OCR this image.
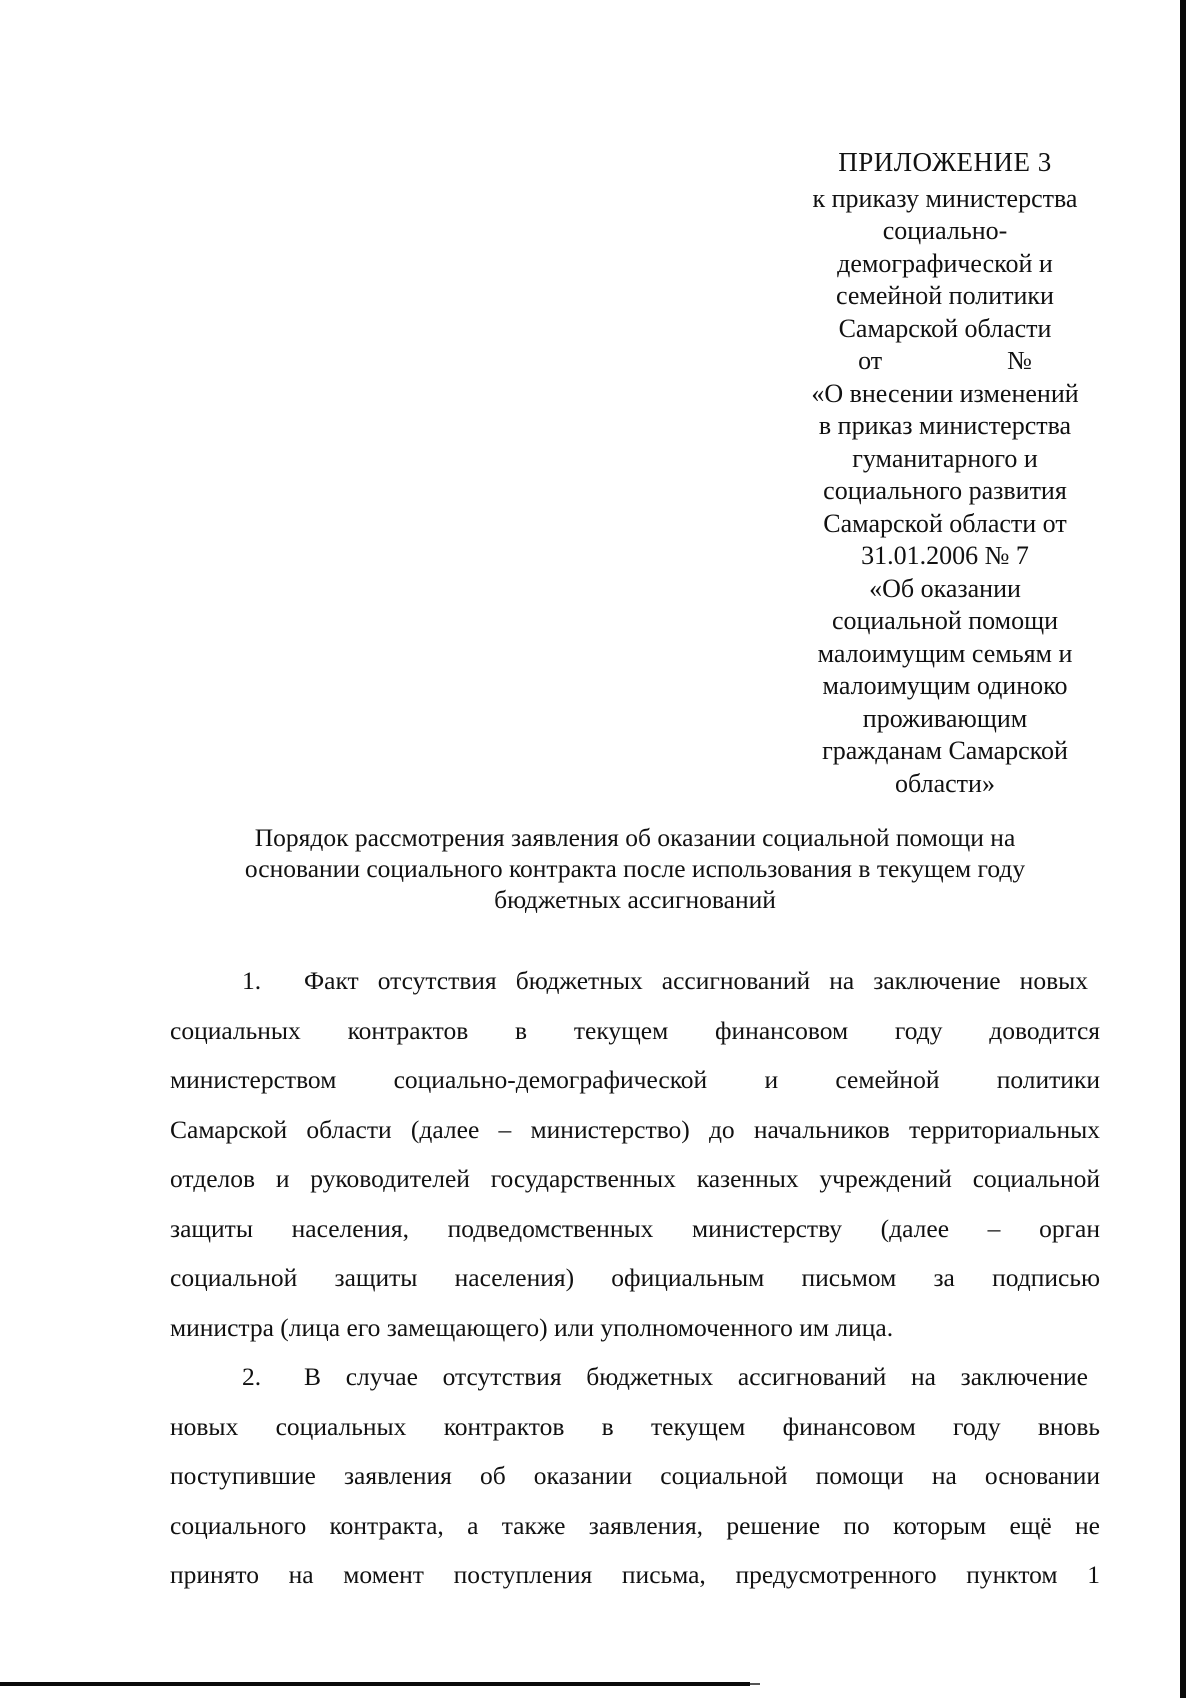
ПРИЛОЖЕНИЕ 3
к приказу министерства
социально-
демографической и
семейной политики
Самарской области
от	№
«О внесении изменений
в приказ министерства
гуманитарного и
социального развития
Самарской области от
31.01.2006 № 7
«Об оказании
социальной помощи
малоимущим семьям и
малоимущим одиноко
проживающим
гражданам Самарской
области»
Порядок рассмотрения заявления об оказании социальной помощи на
основании социального контракта после использования в текущем году
бюджетных ассигнований
1. Факт отсутствия бюджетных ассигнований на заключение новых
социальных контрактов в текущем финансовом году доводится
министерством социально-демографической и семейной политики
Самарской области (далее – министерство) до начальников территориальных
отделов и руководителей государственных казенных учреждений социальной
защиты населения, подведомственных министерству (далее – орган
социальной защиты населения) официальным письмом за подписью
министра (лица его замещающего) или уполномоченного им лица.
2. В случае отсутствия бюджетных ассигнований на заключение
новых социальных контрактов в текущем финансовом году вновь
поступившие заявления об оказании социальной помощи на основании
социального контракта, а также заявления, решение по которым ещё не
принято на момент поступления письма, предусмотренного пунктом 1
